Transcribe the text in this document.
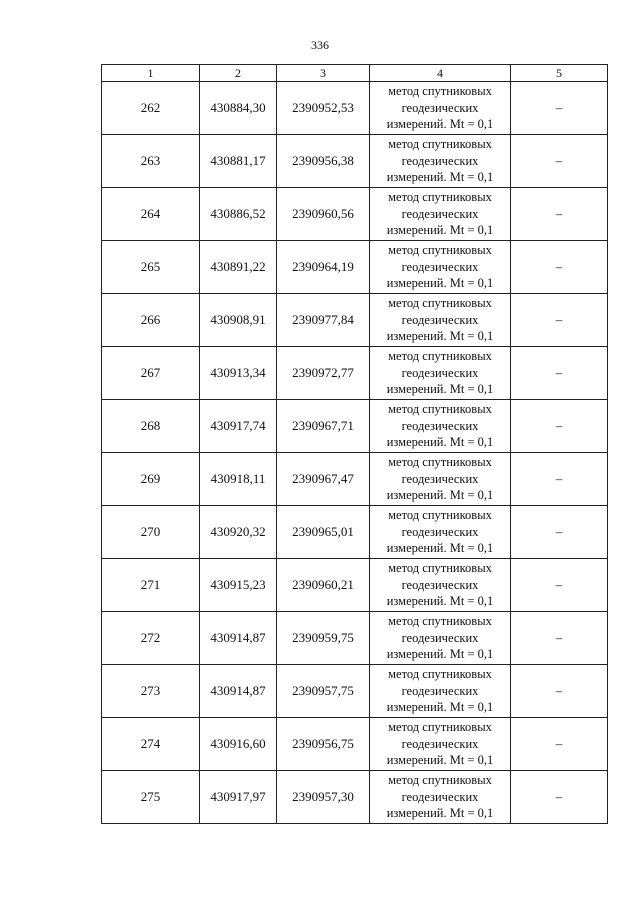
336
1	2	3	4	5
262	430884,30	2390952,53	метод спутниковых
геодезических
измерений. Mt = 0,1	–
263	430881,17	2390956,38	метод спутниковых
геодезических
измерений. Mt = 0,1	–
264	430886,52	2390960,56	метод спутниковых
геодезических
измерений. Mt = 0,1	–
265	430891,22	2390964,19	метод спутниковых
геодезических
измерений. Mt = 0,1	–
266	430908,91	2390977,84	метод спутниковых
геодезических
измерений. Mt = 0,1	–
267	430913,34	2390972,77	метод спутниковых
геодезических
измерений. Mt = 0,1	–
268	430917,74	2390967,71	метод спутниковых
геодезических
измерений. Mt = 0,1	–
269	430918,11	2390967,47	метод спутниковых
геодезических
измерений. Mt = 0,1	–
270	430920,32	2390965,01	метод спутниковых
геодезических
измерений. Mt = 0,1	–
271	430915,23	2390960,21	метод спутниковых
геодезических
измерений. Mt = 0,1	–
272	430914,87	2390959,75	метод спутниковых
геодезических
измерений. Mt = 0,1	–
273	430914,87	2390957,75	метод спутниковых
геодезических
измерений. Mt = 0,1	–
274	430916,60	2390956,75	метод спутниковых
геодезических
измерений. Mt = 0,1	–
275	430917,97	2390957,30	метод спутниковых
геодезических
измерений. Mt = 0,1	–
